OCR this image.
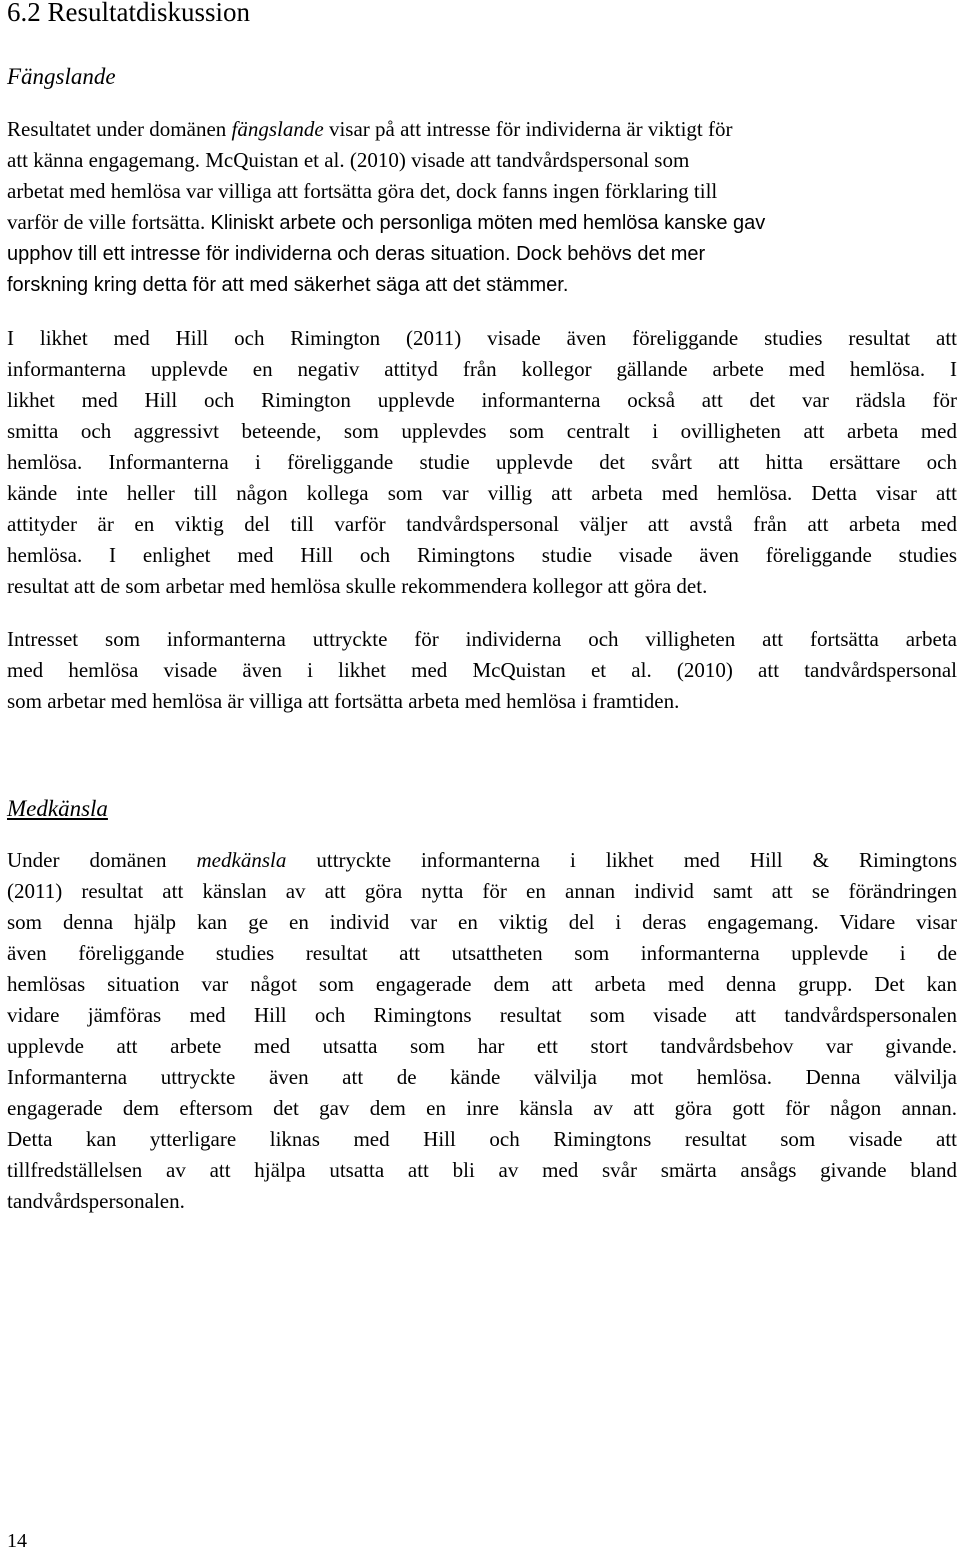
6.2 Resultatdiskussion
Fängslande
Resultatet under domänen fängslande visar på att intresse för individerna är viktigt för
att känna engagemang. McQuistan et al. (2010) visade att tandvårdspersonal som
arbetat med hemlösa var villiga att fortsätta göra det, dock fanns ingen förklaring till
varför de ville fortsätta. Kliniskt arbete och personliga möten med hemlösa kanske gav
upphov till ett intresse för individerna och deras situation. Dock behövs det mer
forskning kring detta för att med säkerhet säga att det stämmer.
I likhet med Hill och Rimington (2011) visade även föreliggande studies resultat att
informanterna upplevde en negativ attityd från kollegor gällande arbete med hemlösa. I
likhet med Hill och Rimington upplevde informanterna också att det var rädsla för
smitta och aggressivt beteende, som upplevdes som centralt i ovilligheten att arbeta med
hemlösa. Informanterna i föreliggande studie upplevde det svårt att hitta ersättare och
kände inte heller till någon kollega som var villig att arbeta med hemlösa. Detta visar att
attityder är en viktig del till varför tandvårdspersonal väljer att avstå från att arbeta med
hemlösa. I enlighet med Hill och Rimingtons studie visade även föreliggande studies
resultat att de som arbetar med hemlösa skulle rekommendera kollegor att göra det.
Intresset som informanterna uttryckte för individerna och villigheten att fortsätta arbeta
med hemlösa visade även i likhet med McQuistan et al. (2010) att tandvårdspersonal
som arbetar med hemlösa är villiga att fortsätta arbeta med hemlösa i framtiden.
Medkänsla
Under domänen medkänsla uttryckte informanterna i likhet med Hill & Rimingtons
(2011) resultat att känslan av att göra nytta för en annan individ samt att se förändringen
som denna hjälp kan ge en individ var en viktig del i deras engagemang. Vidare visar
även föreliggande studies resultat att utsattheten som informanterna upplevde i de
hemlösas situation var något som engagerade dem att arbeta med denna grupp. Det kan
vidare jämföras med Hill och Rimingtons resultat som visade att tandvårdspersonalen
upplevde att arbete med utsatta som har ett stort tandvårdsbehov var givande.
Informanterna uttryckte även att de kände välvilja mot hemlösa. Denna välvilja
engagerade dem eftersom det gav dem en inre känsla av att göra gott för någon annan.
Detta kan ytterligare liknas med Hill och Rimingtons resultat som visade att
tillfredställelsen av att hjälpa utsatta att bli av med svår smärta ansågs givande bland
tandvårdspersonalen.
14
